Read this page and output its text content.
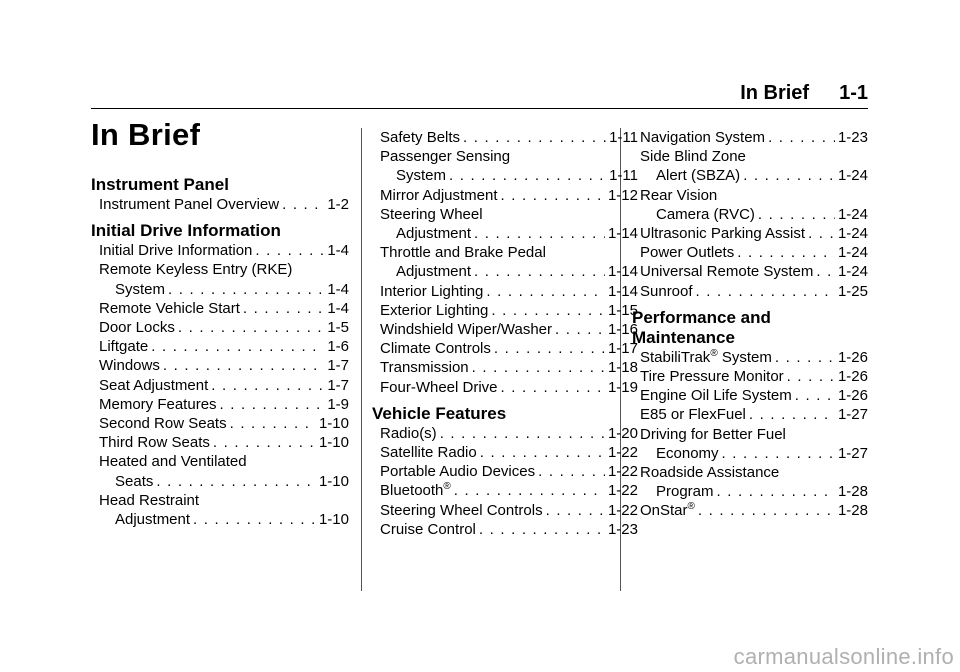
In Brief 1-1
In Brief
Instrument Panel
Instrument Panel Overview . . .	1-2
Initial Drive Information
Initial Drive Information . . .	1-4
Remote Keyless Entry (RKE)
System . . .	1-4
Remote Vehicle Start . . .	1-4
Door Locks . . .	1-5
Liftgate . . .	1-6
Windows . . .	1-7
Seat Adjustment . . .	1-7
Memory Features . . .	1-9
Second Row Seats . . .	1-10
Third Row Seats . . .	1-10
Heated and Ventilated
Seats . . .	1-10
Head Restraint
Adjustment . . .	1-10
Safety Belts . . .	1-11
Passenger Sensing
System . . .	1-11
Mirror Adjustment . . .	1-12
Steering Wheel
Adjustment . . .	1-14
Throttle and Brake Pedal
Adjustment . . .	1-14
Interior Lighting . . .	1-14
Exterior Lighting . . .	1-15
Windshield Wiper/Washer . . .	1-16
Climate Controls . . .	1-17
Transmission . . .	1-18
Four-Wheel Drive . . .	1-19
Vehicle Features
Radio(s) . . .	1-20
Satellite Radio . . .	1-22
Portable Audio Devices . . .	1-22
Bluetooth® . . .	1-22
Steering Wheel Controls . . .	1-22
Cruise Control . . .	1-23
Navigation System . . .	1-23
Side Blind Zone
Alert (SBZA) . . .	1-24
Rear Vision
Camera (RVC) . . .	1-24
Ultrasonic Parking Assist . . . 1-24
Power Outlets . . .	1-24
Universal Remote System . . . 1-24
Sunroof . . .	1-25
Performance and Maintenance
StabiliTrak® System . . .	1-26
Tire Pressure Monitor . . .	1-26
Engine Oil Life System . . .	1-26
E85 or FlexFuel . . .	1-27
Driving for Better Fuel
Economy . . .	1-27
Roadside Assistance
Program . . .	1-28
OnStar® . . .	1-28
carmanualsonline.info
